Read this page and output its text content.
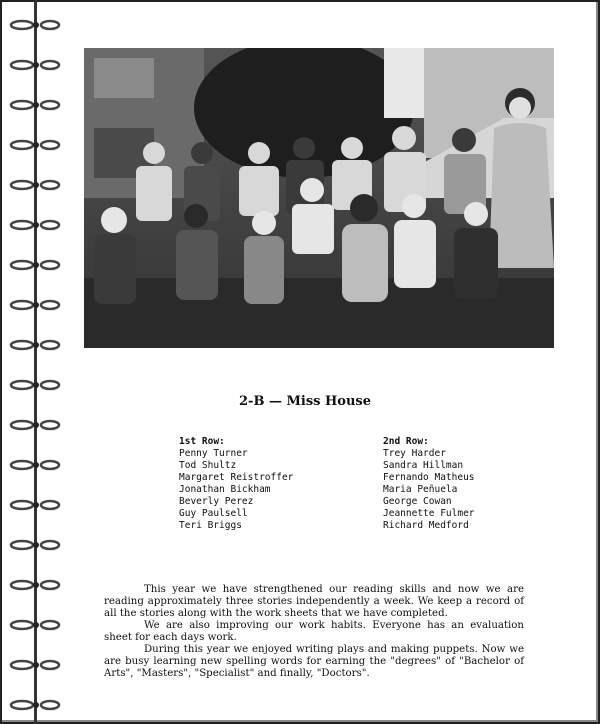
2-B — Miss House
1st Row:
Penny Turner
Tod Shultz
Margaret Reistroffer
Jonathan Bickham
Beverly Perez
Guy Paulsell
Teri Briggs
2nd Row:
Trey Harder
Sandra Hillman
Fernando Matheus
Maria Peñuela
George Cowan
Jeannette Fulmer
Richard Medford

This year we have strengthened our reading skills and now we are reading approximately three stories independently a week. We keep a record of all the stories along with the work sheets that we have completed.

We are also improving our work habits. Everyone has an evaluation sheet for each days work.

During this year we enjoyed writing plays and making puppets. Now we are busy learning new spelling words for earning the "degrees" of "Bachelor of Arts", "Masters", "Specialist" and finally, "Doctors".
